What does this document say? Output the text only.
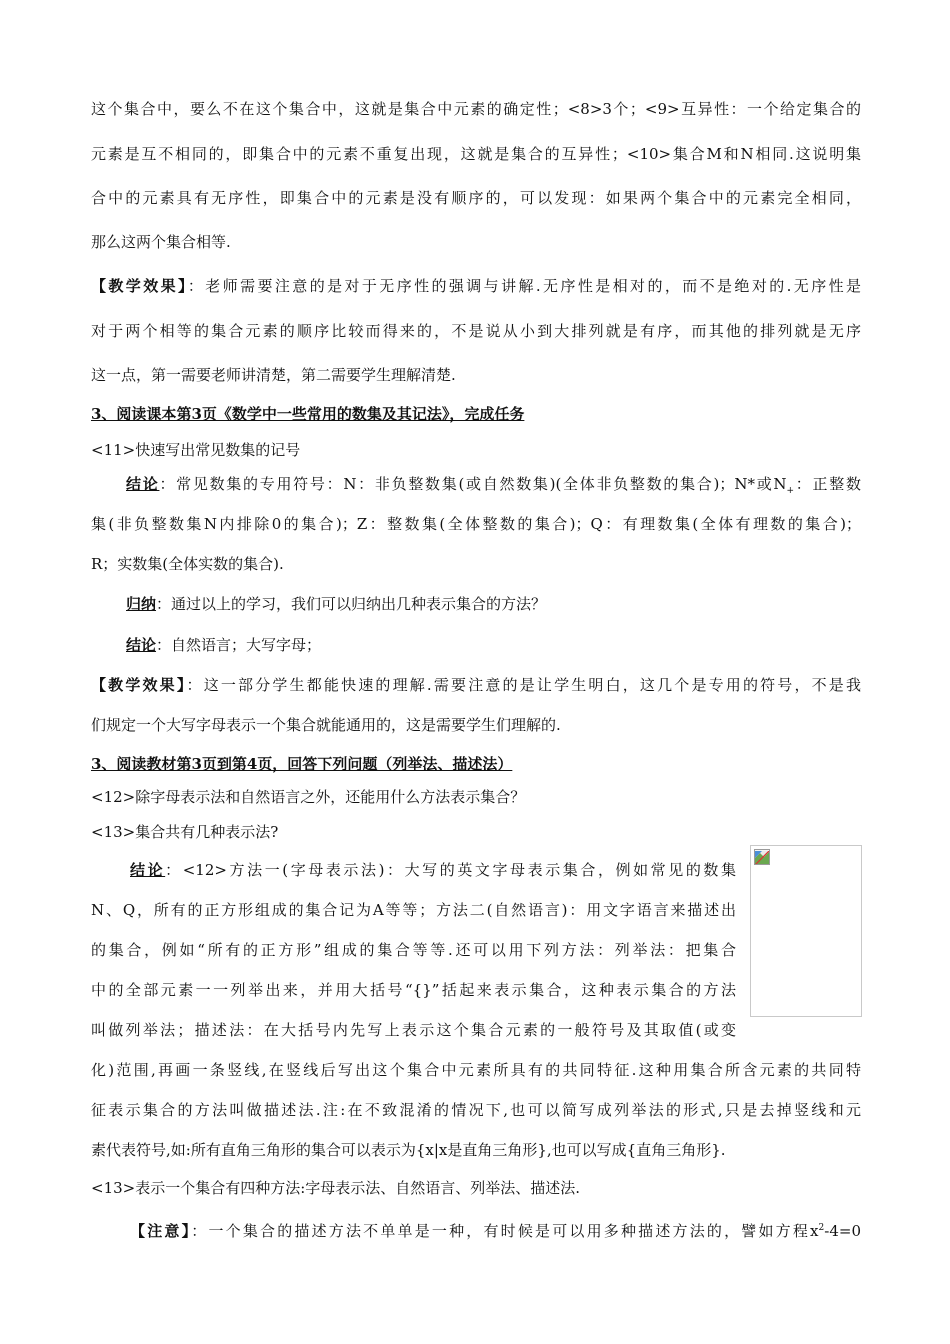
这个集合中，要么不在这个集合中，这就是集合中元素的确定性；<8>3个；<9>互异性：一个给定集合的
元素是互不相同的，即集合中的元素不重复出现，这就是集合的互异性；<10>集合M和N相同.这说明集
合中的元素具有无序性，即集合中的元素是没有顺序的，可以发现：如果两个集合中的元素完全相同，
那么这两个集合相等.
【教学效果】：老师需要注意的是对于无序性的强调与讲解.无序性是相对的，而不是绝对的.无序性是
对于两个相等的集合元素的顺序比较而得来的，不是说从小到大排列就是有序，而其他的排列就是无序
这一点，第一需要老师讲清楚，第二需要学生理解清楚.
3、阅读课本第3页《数学中一些常用的数集及其记法》，完成任务
<11>快速写出常见数集的记号
结论：常见数集的专用符号：N：非负整数集(或自然数集)(全体非负整数的集合)；N*或$N_+$：正整数
集(非负整数集N内排除0的集合)；Z：整数集(全体整数的集合)；Q：有理数集(全体有理数的集合)；
R；实数集(全体实数的集合).
归纳：通过以上的学习，我们可以归纳出几种表示集合的方法？
结论：自然语言；大写字母；
【教学效果】：这一部分学生都能快速的理解.需要注意的是让学生明白，这几个是专用的符号，不是我
们规定一个大写字母表示一个集合就能通用的，这是需要学生们理解的.
3、阅读教材第3页到第4页，回答下列问题（列举法、描述法）
<12>除字母表示法和自然语言之外，还能用什么方法表示集合？
<13>集合共有几种表示法?
结论：<12>方法一(字母表示法)：大写的英文字母表示集合，例如常见的数集
N、Q，所有的正方形组成的集合记为A等等；方法二(自然语言)：用文字语言来描述出
的集合，例如“所有的正方形”组成的集合等等.还可以用下列方法：列举法：把集合
中的全部元素一一列举出来，并用大括号“{}”括起来表示集合，这种表示集合的方法
叫做列举法；描述法：在大括号内先写上表示这个集合元素的一般符号及其取值(或变
化)范围,再画一条竖线,在竖线后写出这个集合中元素所具有的共同特征.这种用集合所含元素的共同特
征表示集合的方法叫做描述法.注:在不致混淆的情况下,也可以简写成列举法的形式,只是去掉竖线和元
素代表符号,如:所有直角三角形的集合可以表示为{x|x是直角三角形},也可以写成{直角三角形}.
<13>表示一个集合有四种方法:字母表示法、自然语言、列举法、描述法.
【注意】：一个集合的描述方法不单单是一种，有时候是可以用多种描述方法的，譬如方程$x^2-4=0$
